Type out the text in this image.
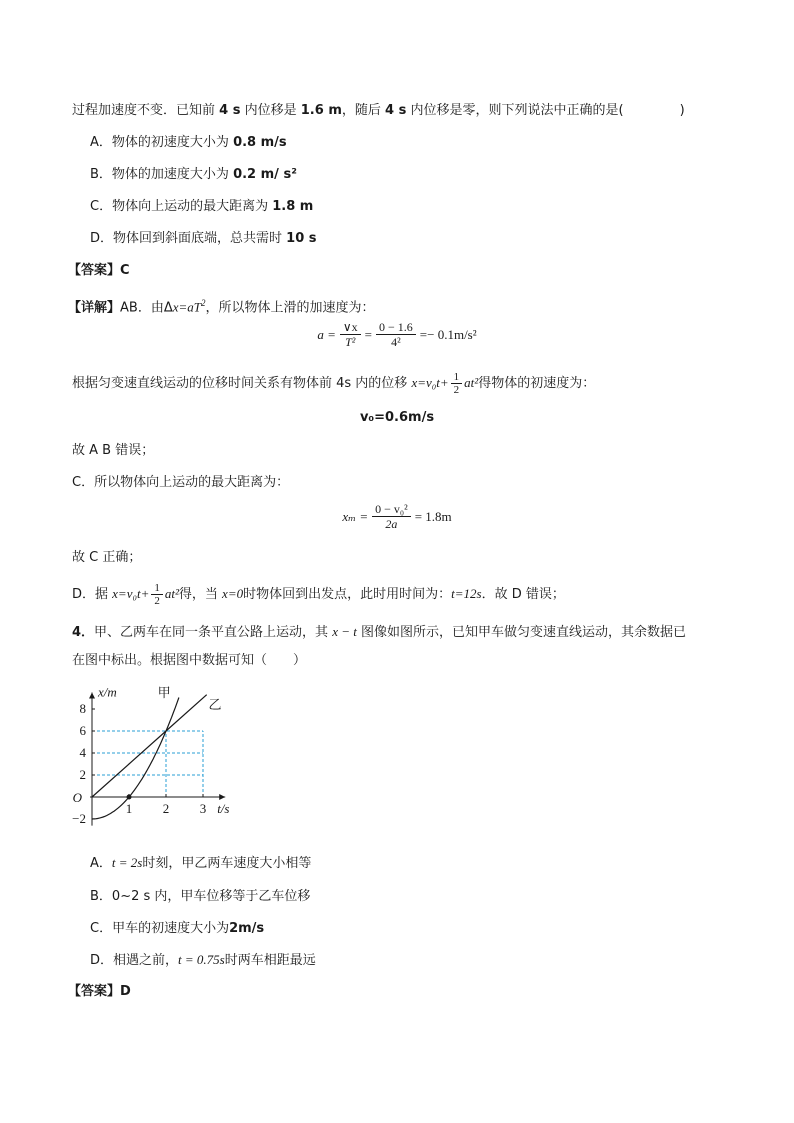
过程加速度不变．已知前 4 s 内位移是 1.6 m，随后 4 s 内位移是零，则下列说法中正确的是(	)
A．物体的初速度大小为 0.8 m/s
B．物体的加速度大小为 0.2 m/ s²
C．物体向上运动的最大距离为 1.8 m
D．物体回到斜面底端，总共需时 10 s
【答案】C
【详解】AB．由$\Delta x=aT^2$，所以物体上滑的加速度为：
$a = \frac{\vee x}{\text{T²}} = \frac{0 - 1.6}{\text{4²}} =- 0.1m/s^2$
根据匀变速直线运动的位移时间关系有物体前 4s 内的位移 $x=v_0t+ \frac{1}{2} at^2$得物体的初速度为：
v₀=0.6m/s
故 A B 错误；
C．所以物体向上运动的最大距离为：
$x_m = \frac{\text{0 − v₀²}}{2a} = 1.8m$
故 C 正确；
D．据 $x=v_0t+ \frac{1}{2} at^2$得，当 x=0时物体回到出发点，此时用时间为：t=12s．故 D 错误；
4．甲、乙两车在同一条平直公路上运动，其 x − t 图像如图所示，已知甲车做匀变速直线运动，其余数据已
在图中标出。根据图中数据可知（　　）
−2
2
4
6
8
1 2 3
O
t/s
x/m	甲
乙
A．t = 2s时刻，甲乙两车速度大小相等
B．0~2 s 内，甲车位移等于乙车位移
C．甲车的初速度大小为2m/s
D．相遇之前，t = 0.75s时两车相距最远
【答案】D
